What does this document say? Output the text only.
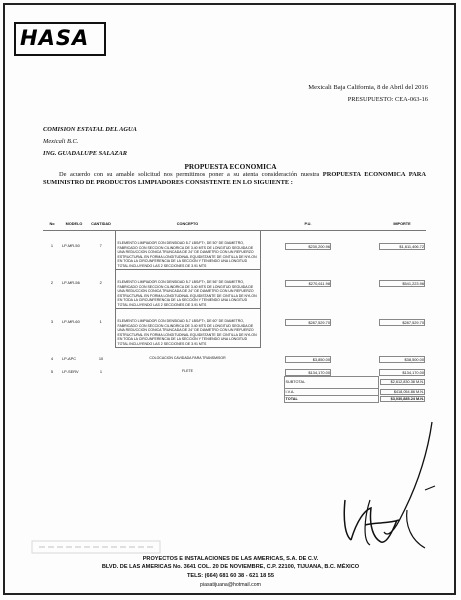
HASA
Mexicali Baja California, 8 de Abril del 2016
PRESUPUESTO: CEA-063-16
COMISION ESTATAL DEL AGUA
Mexicali B.C.
ING. GUADALUPE SALAZAR
PROPUESTA ECONOMICA
De acuerdo con su amable solicitud nos permitimos poner a su atenta consideración nuestra PROPUESTA ECONOMICA PARA SUMINISTRO DE PRODUCTOS LIMPIADORES CONSISTENTE EN LO SIGUIENTE :
No	MODELO	CANTIDAD	CONCEPTO		P.U.		IMPORTE
1	LP-MR-50	7	ELEMENTO LIMPIADOR CON DENSIDAD 5-7 LBS/FT³, DE 50" DE DIAMETRO, FABRICADO CON SECCION CILINDRICA DE 3.40 MTS DE LONGITUD SEGUIDA DE UNA REDUCCION CONICA TRUNCADA DE 24" DE DIAMETRO CON UN REFUERZO ESTRUCTURAL EN FORMA LONGITUDINAL EQUIDISTANTE DE CINTILLA DE NYLON EN TODA LA CIRCUNFERENCIA DE LA SECCION Y TENIENDO UNA LONGITUD TOTAL INCLUYENDO LAS 2 SECCIONES DE 3.91 MTS		$230,200.96		$1,611,406.72

2	LP-MR-56	2	ELEMENTO LIMPIADOR CON DENSIDAD 5-7 LBS/FT³, DE 56" DE DIAMETRO, FABRICADO CON SECCION CILINDRICA DE 3.40 MTS DE LONGITUD SEGUIDA DE UNA REDUCCION CONICA TRUNCADA DE 24" DE DIAMETRO CON UN REFUERZO ESTRUCTURAL EN FORMA LONGITUDINAL EQUIDISTANTE DE CINTILLA DE NYLON EN TODA LA CIRCUNFERENCIA DE LA SECCION Y TENIENDO UNA LONGITUD TOTAL INCLUYENDO LAS 2 SECCIONES DE 3.91 MTS		$270,611.98		$541,223.96

3	LP-MR-60	1	ELEMENTO LIMPIADOR CON DENSIDAD 5-7 LBS/FT³, DE 60" DE DIAMETRO, FABRICADO CON SECCION CILINDRICA DE 3.40 MTS DE LONGITUD SEGUIDA DE UNA REDUCCION CONICA TRUNCADA DE 24" DE DIAMETRO CON UN REFUERZO ESTRUCTURAL EN FORMA LONGITUDINAL EQUIDISTANTE DE CINTILLA DE NYLON EN TODA LA CIRCUNFERENCIA DE LA SECCION Y TENIENDO UNA LONGITUD TOTAL INCLUYENDO LAS 2 SECCIONES DE 3.91 MTS		$287,529.70		$287,529.70

4	LP-APC	10	COLOCACION CAVIDADA PARA TRANSMISOR		$3,850.00		$38,500.00

5	LP-SERV	1	FLETE		$134,170.00		$134,170.00

					SUBTOTAL		$2,612,830.38 M.N.

					I.V.A.		$418,054.86 M.N.

					TOTAL		$3,030,885.24 M.N.
PROYECTOS E INSTALACIONES DE LAS AMERICAS, S.A. DE C.V.
BLVD. DE LAS AMERICAS No. 3641 COL. 20 DE NOVIEMBRE, C.P. 22100, TIJUANA, B.C. MÉXICO
TELS: (664) 681 60 38 - 621 18 55
piasatijuana@hotmail.com
